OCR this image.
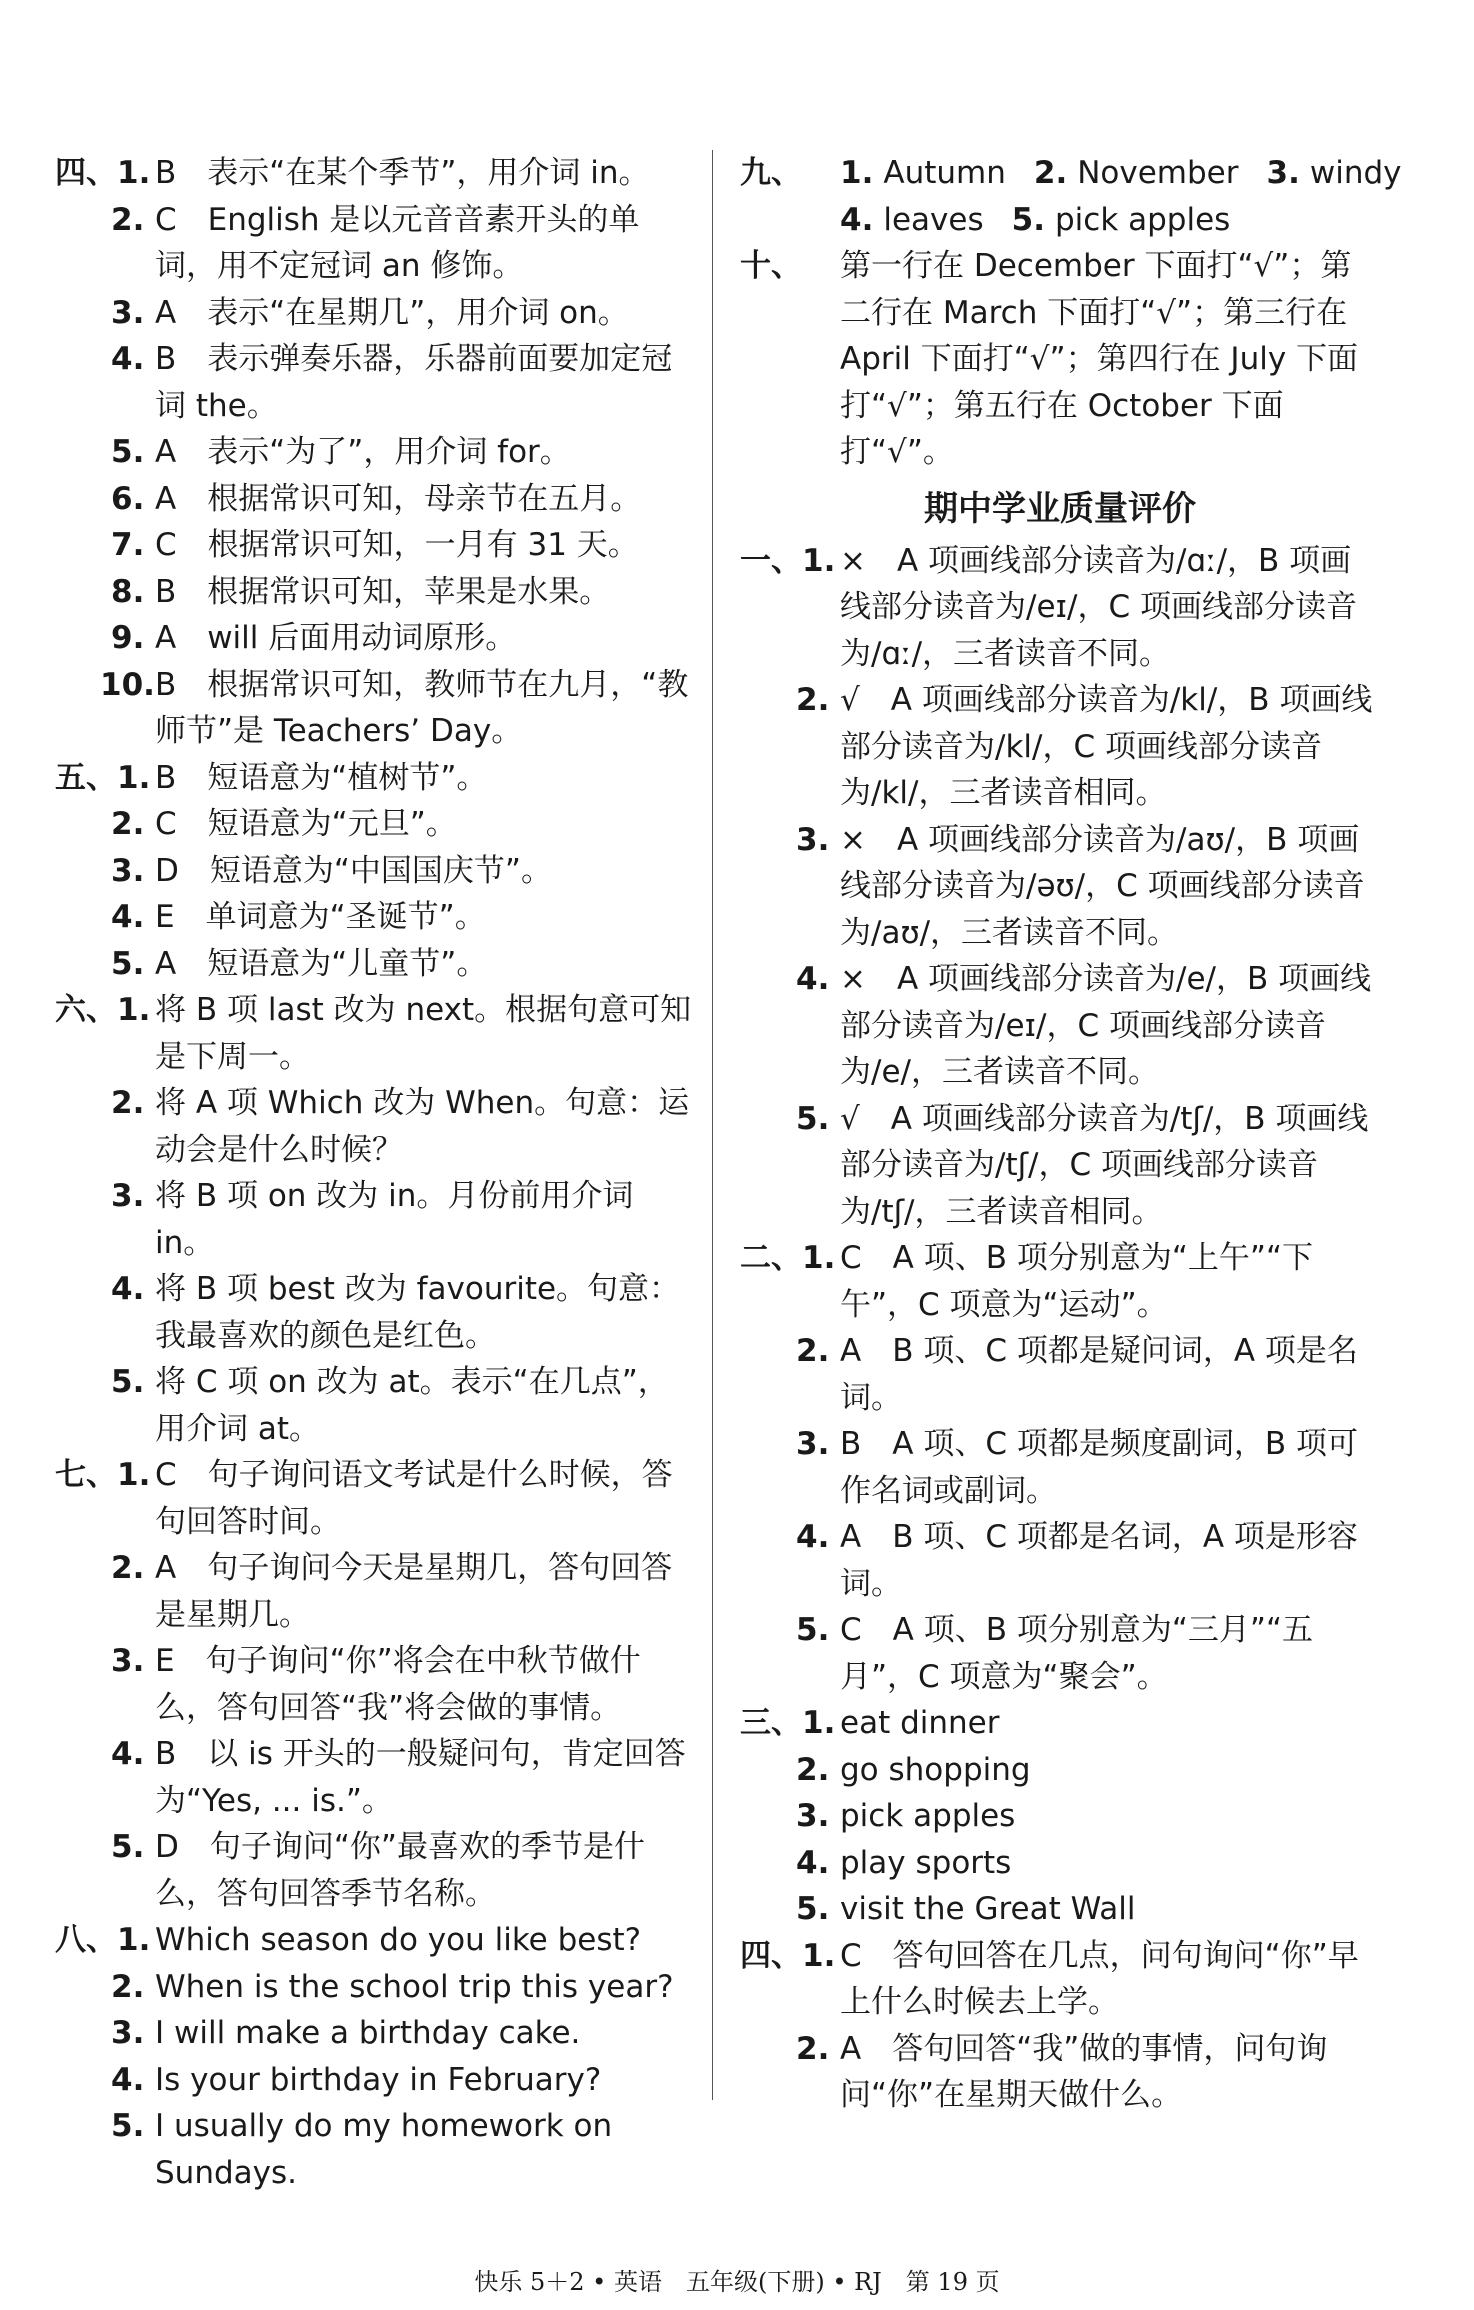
四、1. B　表示“在某个季节”，用介词 in。
2. C　English 是以元音音素开头的单词，用不定冠词 an 修饰。
3. A　表示“在星期几”，用介词 on。
4. B　表示弹奏乐器，乐器前面要加定冠词 the。
5. A　表示“为了”，用介词 for。
6. A　根据常识可知，母亲节在五月。
7. C　根据常识可知，一月有 31 天。
8. B　根据常识可知，苹果是水果。
9. A　will 后面用动词原形。
10. B　根据常识可知，教师节在九月，“教师节”是 Teachers’ Day。
五、1. B　短语意为“植树节”。
2. C　短语意为“元旦”。
3. D　短语意为“中国国庆节”。
4. E　单词意为“圣诞节”。
5. A　短语意为“儿童节”。
六、1. 将 B 项 last 改为 next。根据句意可知是下周一。
2. 将 A 项 Which 改为 When。句意：运动会是什么时候？
3. 将 B 项 on 改为 in。月份前用介词 in。
4. 将 B 项 best 改为 favourite。句意：我最喜欢的颜色是红色。
5. 将 C 项 on 改为 at。表示“在几点”，用介词 at。
七、1. C　句子询问语文考试是什么时候，答句回答时间。
2. A　句子询问今天是星期几，答句回答是星期几。
3. E　句子询问“你”将会在中秋节做什么，答句回答“我”将会做的事情。
4. B　以 is 开头的一般疑问句，肯定回答为“Yes, ... is.”。
5. D　句子询问“你”最喜欢的季节是什么，答句回答季节名称。
八、1. Which season do you like best?
2. When is the school trip this year?
3. I will make a birthday cake.
4. Is your birthday in February?
5. I usually do my homework on Sundays.
九、 1. Autumn 2. November 3. windy
4. leaves 5. pick apples
十、 第一行在 December 下面打“√”；第二行在 March 下面打“√”；第三行在 April 下面打“√”；第四行在 July 下面打“√”；第五行在 October 下面打“√”。
期中学业质量评价
一、1. ×　A 项画线部分读音为/ɑː/，B 项画线部分读音为/eɪ/，C 项画线部分读音为/ɑː/，三者读音不同。
2. √　A 项画线部分读音为/kl/，B 项画线部分读音为/kl/，C 项画线部分读音为/kl/，三者读音相同。
3. ×　A 项画线部分读音为/aʊ/，B 项画线部分读音为/əʊ/，C 项画线部分读音为/aʊ/，三者读音不同。
4. ×　A 项画线部分读音为/e/，B 项画线部分读音为/eɪ/，C 项画线部分读音为/e/，三者读音不同。
5. √　A 项画线部分读音为/tʃ/，B 项画线部分读音为/tʃ/，C 项画线部分读音为/tʃ/，三者读音相同。
二、1. C　A 项、B 项分别意为“上午”“下午”，C 项意为“运动”。
2. A　B 项、C 项都是疑问词，A 项是名词。
3. B　A 项、C 项都是频度副词，B 项可作名词或副词。
4. A　B 项、C 项都是名词，A 项是形容词。
5. C　A 项、B 项分别意为“三月”“五月”，C 项意为“聚会”。
三、1. eat dinner
2. go shopping
3. pick apples
4. play sports
5. visit the Great Wall
四、1. C　答句回答在几点，问句询问“你”早上什么时候去上学。
2. A　答句回答“我”做的事情，问句询问“你”在星期天做什么。
快乐 5＋2 • 英语　五年级(下册) • RJ　第 19 页
